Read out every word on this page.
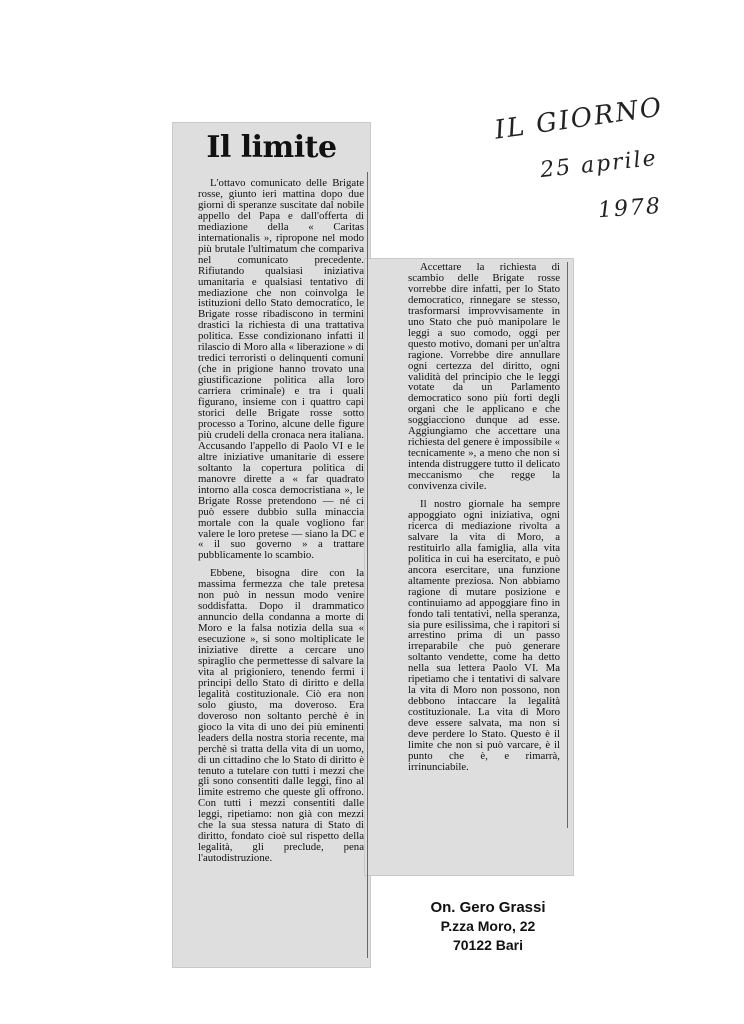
Il limite

L'ottavo comunicato delle Brigate rosse, giunto ieri mattina dopo due giorni di speranze suscitate dal nobile appello del Papa e dall'offerta di mediazione della « Caritas internationalis », ripropone nel modo più brutale l'ultimatum che compariva nel comunicato precedente. Rifiutando qualsiasi iniziativa umanitaria e qualsiasi tentativo di mediazione che non coinvolga le istituzioni dello Stato democratico, le Brigate rosse ribadiscono in termini drastici la richiesta di una trattativa politica. Esse condizionano infatti il rilascio di Moro alla « liberazione » di tredici terroristi o delinquenti comuni (che in prigione hanno trovato una giustificazione politica alla loro carriera criminale) e tra i quali figurano, insieme con i quattro capi storici delle Brigate rosse sotto processo a Torino, alcune delle figure più crudeli della cronaca nera italiana. Accusando l'appello di Paolo VI e le altre iniziative umanitarie di essere soltanto la copertura politica di manovre dirette a « far quadrato intorno alla cosca democristiana », le Brigate Rosse pretendono — né ci può essere dubbio sulla minaccia mortale con la quale vogliono far valere le loro pretese — siano la DC e « il suo governo » a trattare pubblicamente lo scambio.

Ebbene, bisogna dire con la massima fermezza che tale pretesa non può in nessun modo venire soddisfatta. Dopo il drammatico annuncio della condanna a morte di Moro e la falsa notizia della sua « esecuzione », si sono moltiplicate le iniziative dirette a cercare uno spiraglio che permettesse di salvare la vita al prigioniero, tenendo fermi i principi dello Stato di diritto e della legalità costituzionale. Ciò era non solo giusto, ma doveroso. Era doveroso non soltanto perchè è in gioco la vita di uno dei più eminenti leaders della nostra storia recente, ma perchè si tratta della vita di un uomo, di un cittadino che lo Stato di diritto è tenuto a tutelare con tutti i mezzi che gli sono consentiti dalle leggi, fino al limite estremo che queste gli offrono. Con tutti i mezzi consentiti dalle leggi, ripetiamo: non già con mezzi che la sua stessa natura di Stato di diritto, fondato cioè sul rispetto della legalità, gli preclude, pena l'autodistruzione.

Accettare la richiesta di scambio delle Brigate rosse vorrebbe dire infatti, per lo Stato democratico, rinnegare se stesso, trasformarsi improvvisamente in uno Stato che può manipolare le leggi a suo comodo, oggi per questo motivo, domani per un'altra ragione. Vorrebbe dire annullare ogni certezza del diritto, ogni validità del principio che le leggi votate da un Parlamento democratico sono più forti degli organi che le applicano e che soggiacciono dunque ad esse. Aggiungiamo che accettare una richiesta del genere è impossibile « tecnicamente », a meno che non si intenda distruggere tutto il delicato meccanismo che regge la convivenza civile.

Il nostro giornale ha sempre appoggiato ogni iniziativa, ogni ricerca di mediazione rivolta a salvare la vita di Moro, a restituirlo alla famiglia, alla vita politica in cui ha esercitato, e può ancora esercitare, una funzione altamente preziosa. Non abbiamo ragione di mutare posizione e continuiamo ad appoggiare fino in fondo tali tentativi, nella speranza, sia pure esilissima, che i rapitori si arrestino prima di un passo irreparabile che può generare soltanto vendette, come ha detto nella sua lettera Paolo VI. Ma ripetiamo che i tentativi di salvare la vita di Moro non possono, non debbono intaccare la legalità costituzionale. La vita di Moro deve essere salvata, ma non si deve perdere lo Stato. Questo è il limite che non si può varcare, è il punto che è, e rimarrà, irrinunciabile.

IL GIORNO
25 aprile
1978
On. Gero Grassi
P.zza Moro, 22
70122 Bari
